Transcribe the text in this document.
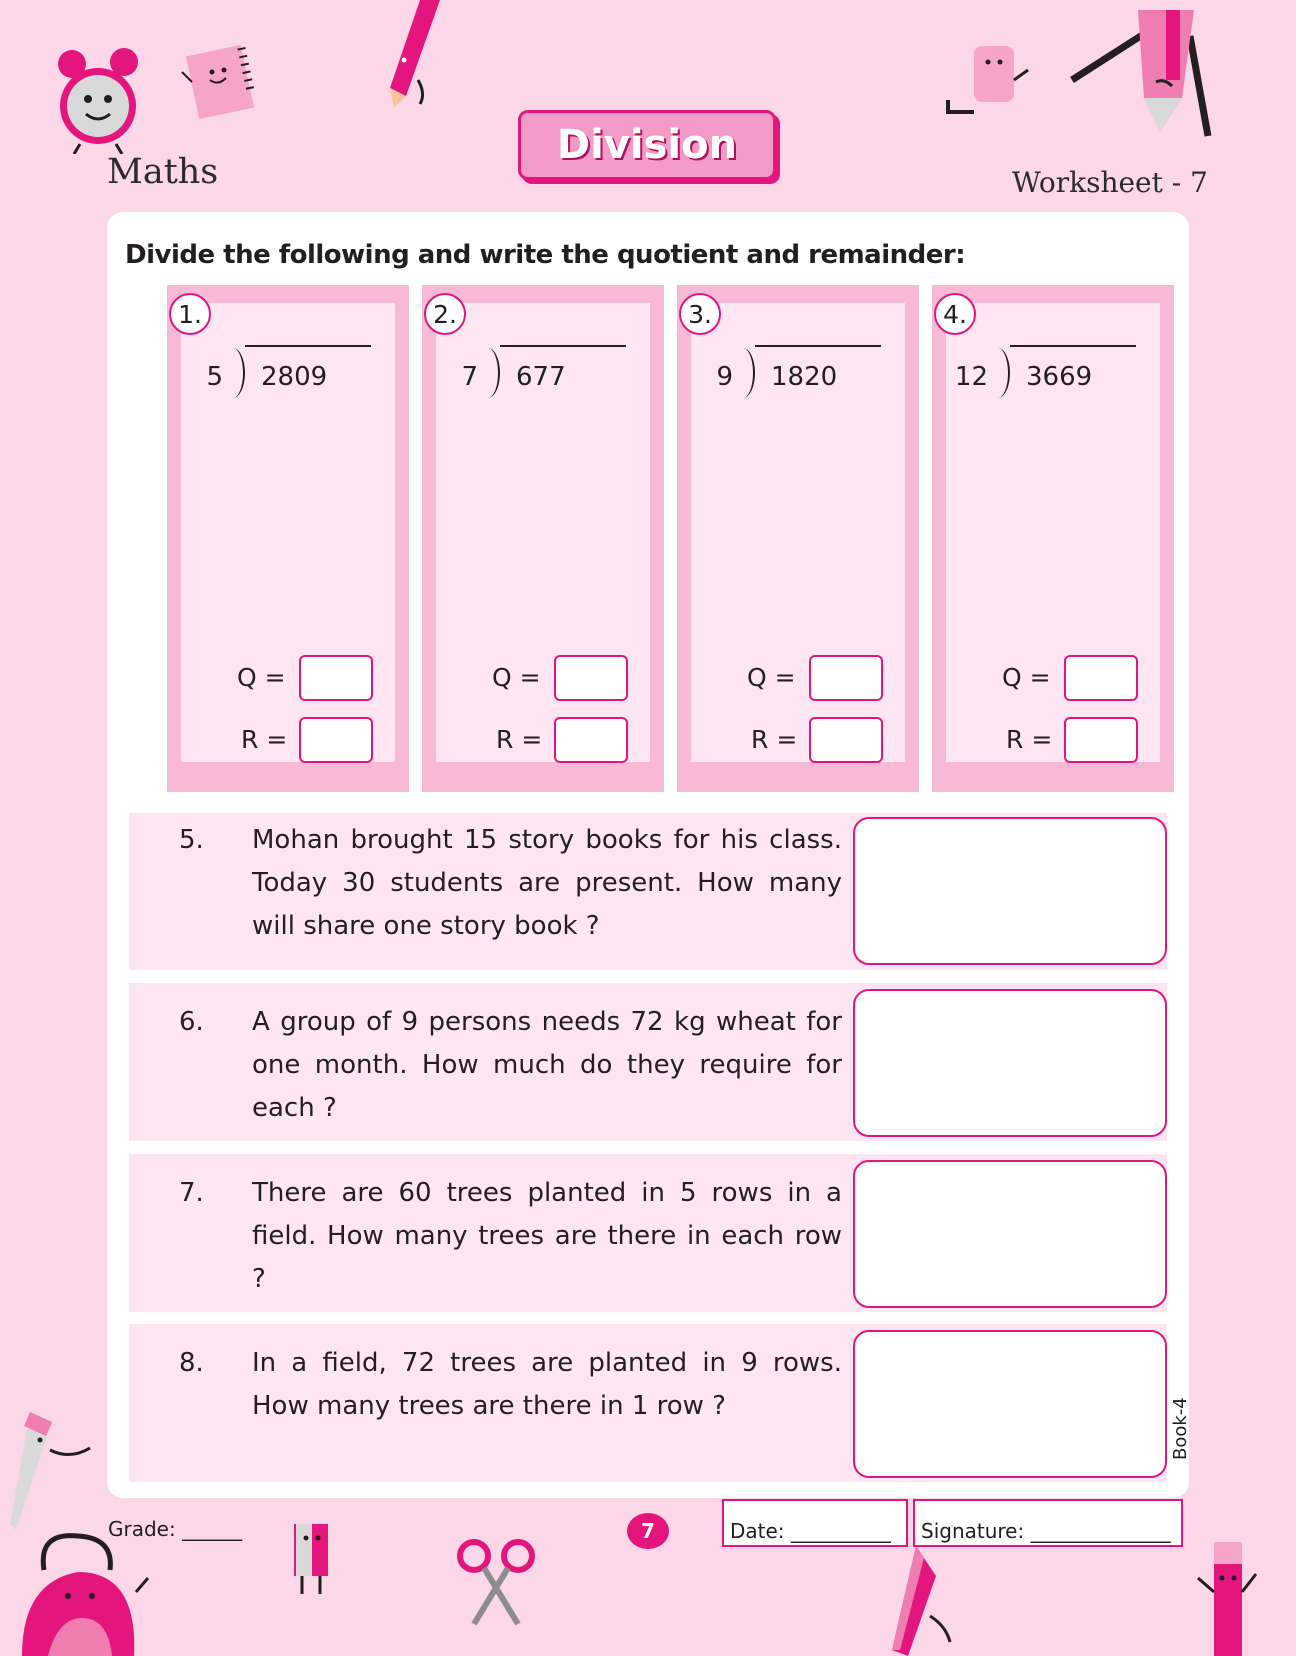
Maths
Division
Worksheet - 7
Divide the following and write the quotient and remainder:
1.
5 2809
Q =
R =
2.
7 677
Q =
R =
3.
9 1820
Q =
R =
4.
12 3669
Q =
R =
5. Mohan brought 15 story books for his class. Today 30 students are present. How many will share one story book ?
6. A group of 9 persons needs 72 kg wheat for one month. How much do they require for each ?
7. There are 60 trees planted in 5 rows in a field. How many trees are there in each row ?
8. In a field, 72 trees are planted in 9 rows. How many trees are there in 1 row ?
Grade: ______	7	Date: __________	Signature: ______________
Book-4
